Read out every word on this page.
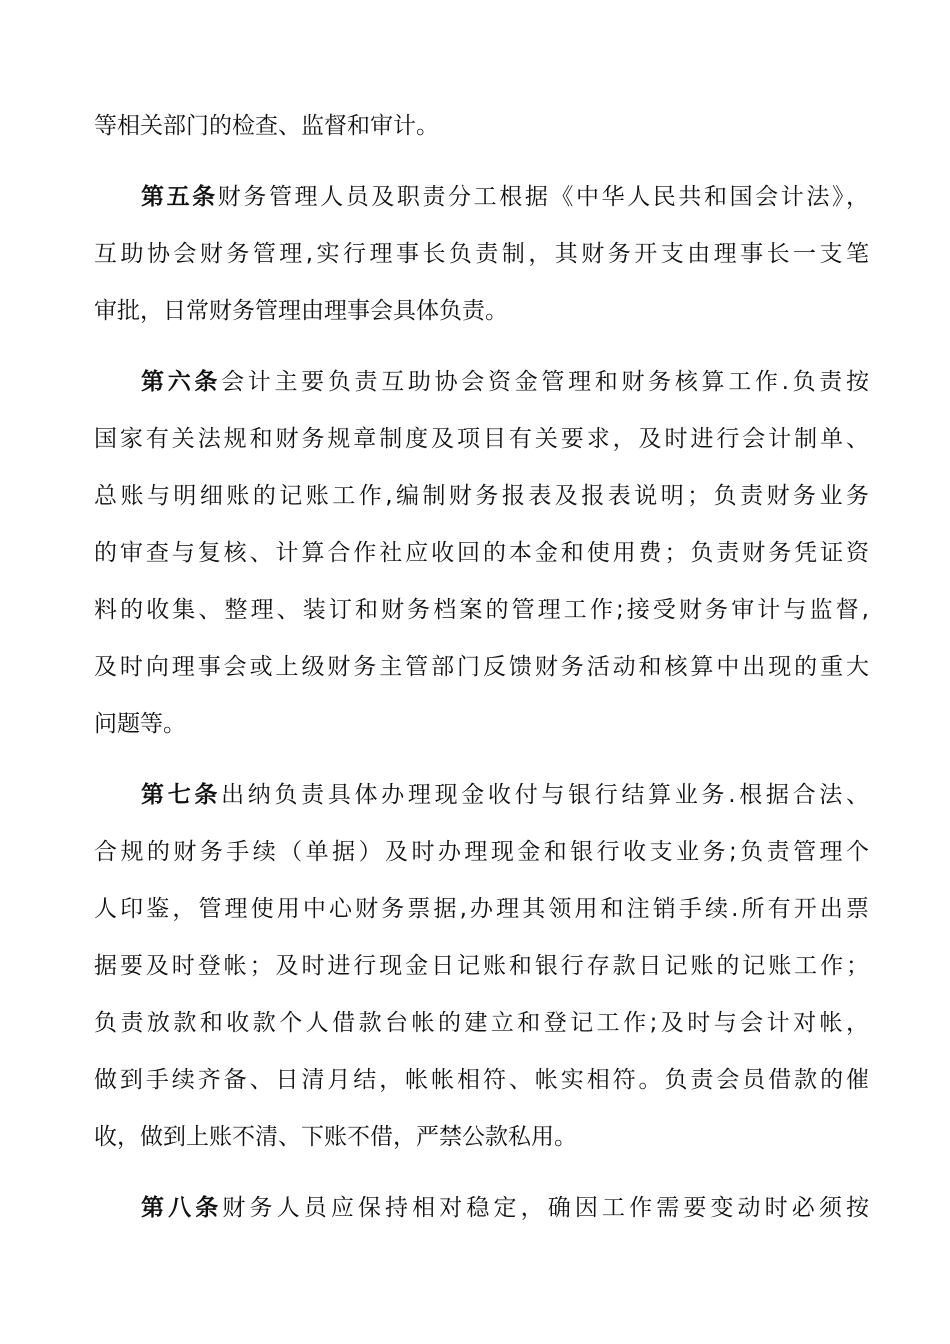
等相关部门的检查、监督和审计。
第五条财务管理人员及职责分工根据《中华人民共和国会计法》，
互助协会财务管理,实行理事长负责制，其财务开支由理事长一支笔
审批，日常财务管理由理事会具体负责。
第六条会计主要负责互助协会资金管理和财务核算工作.负责按
国家有关法规和财务规章制度及项目有关要求，及时进行会计制单、
总账与明细账的记账工作,编制财务报表及报表说明；负责财务业务
的审查与复核、计算合作社应收回的本金和使用费；负责财务凭证资
料的收集、整理、装订和财务档案的管理工作;接受财务审计与监督,
及时向理事会或上级财务主管部门反馈财务活动和核算中出现的重大
问题等。
第七条出纳负责具体办理现金收付与银行结算业务.根据合法、
合规的财务手续（单据）及时办理现金和银行收支业务;负责管理个
人印鉴，管理使用中心财务票据,办理其领用和注销手续.所有开出票
据要及时登帐；及时进行现金日记账和银行存款日记账的记账工作；
负责放款和收款个人借款台帐的建立和登记工作;及时与会计对帐，
做到手续齐备、日清月结，帐帐相符、帐实相符。负责会员借款的催
收，做到上账不清、下账不借，严禁公款私用。
第八条财务人员应保持相对稳定，确因工作需要变动时必须按
